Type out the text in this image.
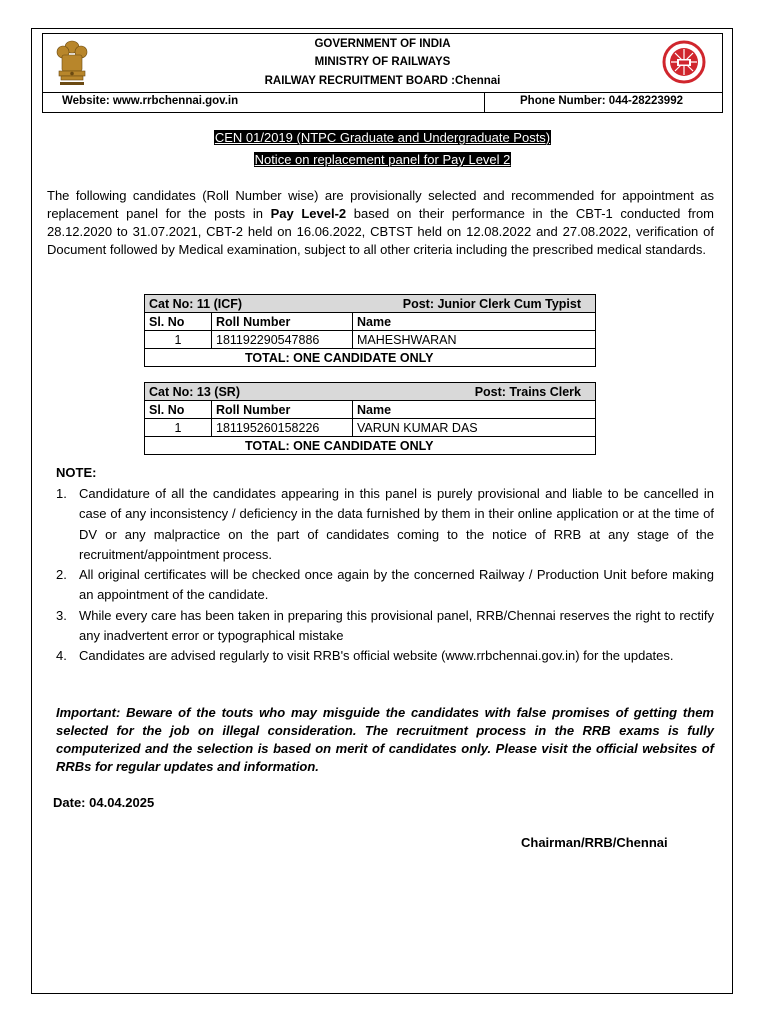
GOVERNMENT OF INDIA
MINISTRY OF RAILWAYS
RAILWAY RECRUITMENT BOARD :Chennai
Website: www.rrbchennai.gov.in	Phone Number: 044-28223992
CEN 01/2019 (NTPC Graduate and Undergraduate Posts)
Notice on replacement panel for Pay Level 2
The following candidates (Roll Number wise) are provisionally selected and recommended for appointment as replacement panel for the posts in Pay Level-2 based on their performance in the CBT-1 conducted from 28.12.2020 to 31.07.2021, CBT-2 held on 16.06.2022, CBTST held on 12.08.2022 and 27.08.2022, verification of Document followed by Medical examination, subject to all other criteria including the prescribed medical standards.
Cat No: 11 (ICF) Post: Junior Clerk Cum Typist		

Sl. No	Roll Number	Name
1	181192290547886	MAHESHWARAN
TOTAL: ONE CANDIDATE ONLY		
Cat No: 13 (SR) Post: Trains Clerk		

Sl. No	Roll Number	Name
1	181195260158226	VARUN KUMAR DAS
TOTAL: ONE CANDIDATE ONLY		
NOTE:
1. Candidature of all the candidates appearing in this panel is purely provisional and liable to be cancelled in case of any inconsistency / deficiency in the data furnished by them in their online application or at the time of DV or any malpractice on the part of candidates coming to the notice of RRB at any stage of the recruitment/appointment process.
2. All original certificates will be checked once again by the concerned Railway / Production Unit before making an appointment of the candidate.
3. While every care has been taken in preparing this provisional panel, RRB/Chennai reserves the right to rectify any inadvertent error or typographical mistake
4. Candidates are advised regularly to visit RRB's official website (www.rrbchennai.gov.in) for the updates.
Important: Beware of the touts who may misguide the candidates with false promises of getting them selected for the job on illegal consideration. The recruitment process in the RRB exams is fully computerized and the selection is based on merit of candidates only. Please visit the official websites of RRBs for regular updates and information.
Date: 04.04.2025
Chairman/RRB/Chennai
